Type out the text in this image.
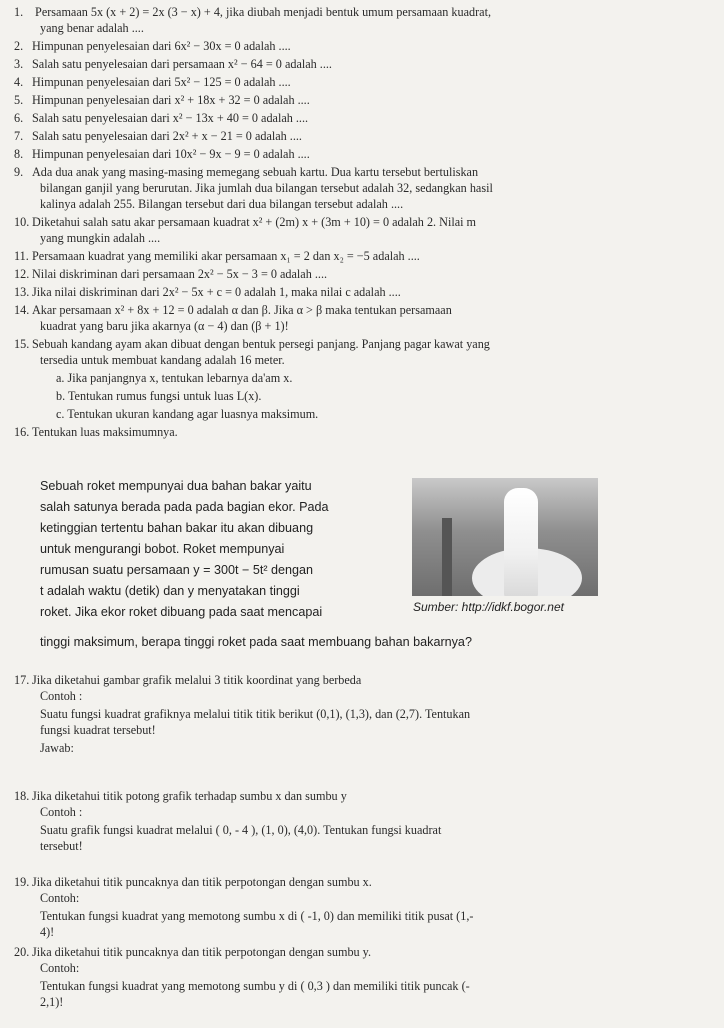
1. Persamaan 5x (x + 2) = 2x (3 − x) + 4, jika diubah menjadi bentuk umum persamaan kuadrat,
yang benar adalah ....
2. Himpunan penyelesaian dari 6x² − 30x = 0 adalah ....
3. Salah satu penyelesaian dari persamaan x² − 64 = 0 adalah ....
4. Himpunan penyelesaian dari 5x² − 125 = 0 adalah ....
5. Himpunan penyelesaian dari x² + 18x + 32 = 0 adalah ....
6. Salah satu penyelesaian dari x² − 13x + 40 = 0 adalah ....
7. Salah satu penyelesaian dari 2x² + x − 21 = 0 adalah ....
8. Himpunan penyelesaian dari 10x² − 9x − 9 = 0 adalah ....
9. Ada dua anak yang masing-masing memegang sebuah kartu. Dua kartu tersebut bertuliskan
bilangan ganjil yang berurutan. Jika jumlah dua bilangan tersebut adalah 32, sedangkan hasil
kalinya adalah 255. Bilangan tersebut dari dua bilangan tersebut adalah ....
10. Diketahui salah satu akar persamaan kuadrat x² + (2m) x + (3m + 10) = 0 adalah 2. Nilai m
yang mungkin adalah ....
11. Persamaan kuadrat yang memiliki akar persamaan x₁ = 2 dan x₂ = −5 adalah ....
12. Nilai diskriminan dari persamaan 2x² − 5x − 3 = 0 adalah ....
13. Jika nilai diskriminan dari 2x² − 5x + c = 0 adalah 1, maka nilai c adalah ....
14. Akar persamaan x² + 8x + 12 = 0 adalah α dan β. Jika α > β maka tentukan persamaan
kuadrat yang baru jika akarnya (α − 4) dan (β + 1)!
15. Sebuah kandang ayam akan dibuat dengan bentuk persegi panjang. Panjang pagar kawat yang
tersedia untuk membuat kandang adalah 16 meter.
a. Jika panjangnya x, tentukan lebarnya da'am x.
b. Tentukan rumus fungsi untuk luas L(x).
c. Tentukan ukuran kandang agar luasnya maksimum.
16. Tentukan luas maksimumnya.

Sebuah roket mempunyai dua bahan bakar yaitu

salah satunya berada pada pada bagian ekor. Pada

ketinggian tertentu bahan bakar itu akan dibuang

untuk mengurangi bobot. Roket mempunyai

rumusan suatu persamaan y = 300t − 5t² dengan

t adalah waktu (detik) dan y menyatakan tinggi

roket. Jika ekor roket dibuang pada saat mencapai

tinggi maksimum, berapa tinggi roket pada saat membuang bahan bakarnya?
Sumber: http://idkf.bogor.net
17. Jika diketahui gambar grafik melalui 3 titik koordinat yang berbeda
Contoh :
Suatu fungsi kuadrat grafiknya melalui titik titik berikut (0,1), (1,3), dan (2,7). Tentukan
fungsi kuadrat tersebut!
Jawab:
18. Jika diketahui titik potong grafik terhadap sumbu x dan sumbu y
Contoh :
Suatu grafik fungsi kuadrat melalui ( 0, - 4 ), (1, 0), (4,0). Tentukan fungsi kuadrat
tersebut!
19. Jika diketahui titik puncaknya dan titik perpotongan dengan sumbu x.
Contoh:
Tentukan fungsi kuadrat yang memotong sumbu x di ( -1, 0) dan memiliki titik pusat (1,-
4)!
20. Jika diketahui titik puncaknya dan titik perpotongan dengan sumbu y.
Contoh:
Tentukan fungsi kuadrat yang memotong sumbu y di ( 0,3 ) dan memiliki titik puncak (-
2,1)!
